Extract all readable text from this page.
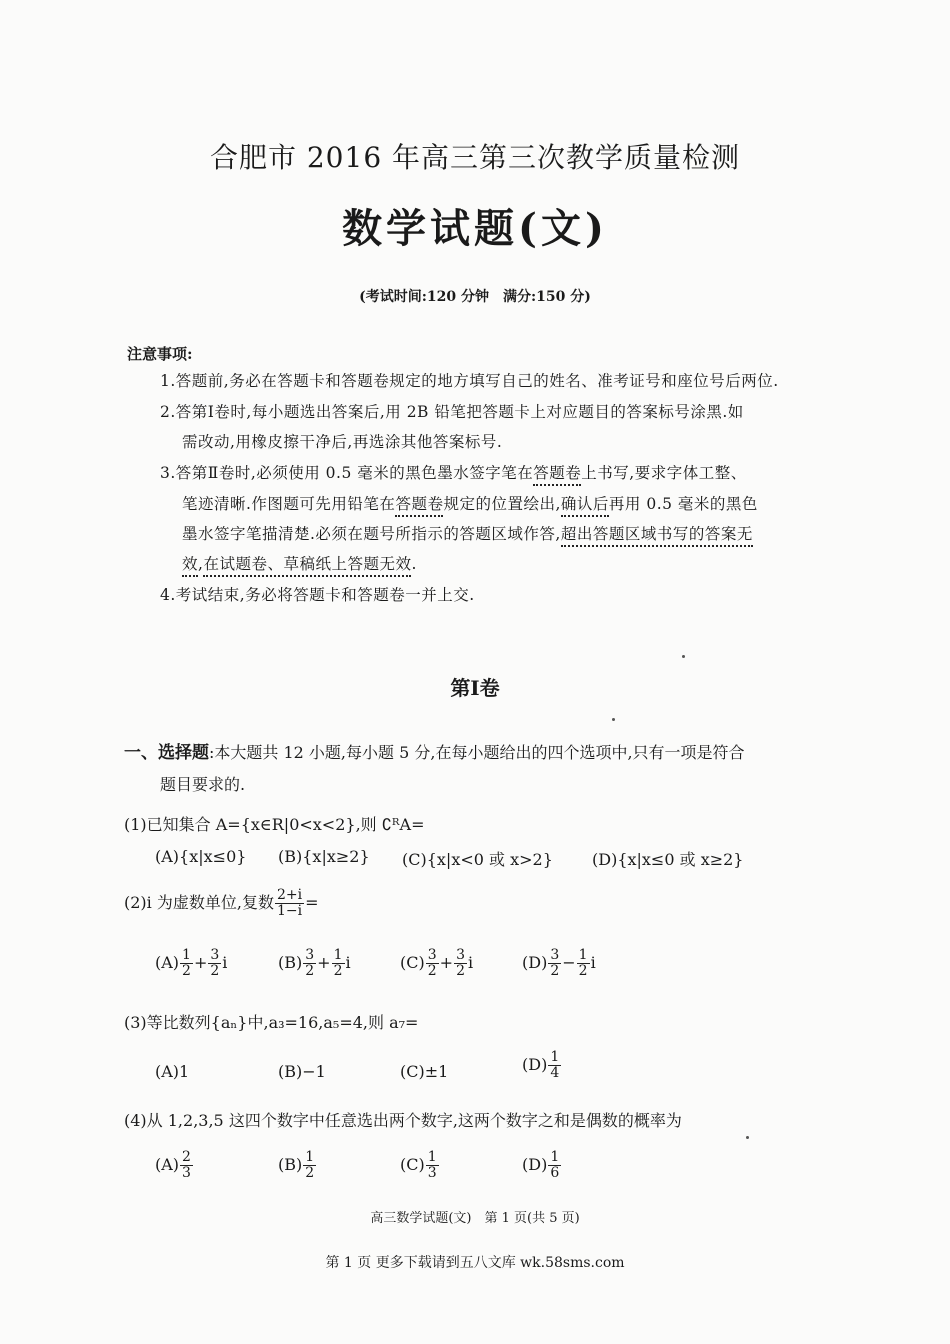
合肥市 2016 年高三第三次教学质量检测
数学试题(文)
(考试时间:120 分钟　满分:150 分)
注意事项:
1.答题前,务必在答题卡和答题卷规定的地方填写自己的姓名、准考证号和座位号后两位.
2.答第Ⅰ卷时,每小题选出答案后,用 2B 铅笔把答题卡上对应题目的答案标号涂黑.如
需改动,用橡皮擦干净后,再选涂其他答案标号.
3.答第Ⅱ卷时,必须使用 0.5 毫米的黑色墨水签字笔在答题卷上书写,要求字体工整、
笔迹清晰.作图题可先用铅笔在答题卷规定的位置绘出,确认后再用 0.5 毫米的黑色
墨水签字笔描清楚.必须在题号所指示的答题区域作答,超出答题区域书写的答案无
效,在试题卷、草稿纸上答题无效.
4.考试结束,务必将答题卡和答题卷一并上交.
第Ⅰ卷
一、选择题:本大题共 12 小题,每小题 5 分,在每小题给出的四个选项中,只有一项是符合
题目要求的.
(1)已知集合 A={x∈R|0<x<2},则 ∁ᴿA=
(A){x|x≤0} (B){x|x≥2} (C){x|x<0 或 x>2} (D){x|x≤0 或 x≥2}
(2)i 为虚数单位,复数 $\frac{2+i}{1-i}$ =
$(A) \frac{1}{2} + \frac{3}{2}$ i	$(B) \frac{3}{2} + \frac{1}{2}$ i	$(C) \frac{3}{2} + \frac{3}{2}$ i	$(D) \frac{3}{2} - \frac{1}{2}$ i
(3)等比数列{aₙ}中,a₃=16,a₅=4,则 a₇=
(A)1	(B)−1	(C)±1	$(D) \frac{1}{4}$
(4)从 1,2,3,5 这四个数字中任意选出两个数字,这两个数字之和是偶数的概率为
$(A) \frac{2}{3}$	$(B) \frac{1}{2}$	$(C) \frac{1}{3}$	$(D) \frac{1}{6}$
高三数学试题(文)　第 1 页(共 5 页)
第 1 页 更多下载请到五八文库 wk.58sms.com
